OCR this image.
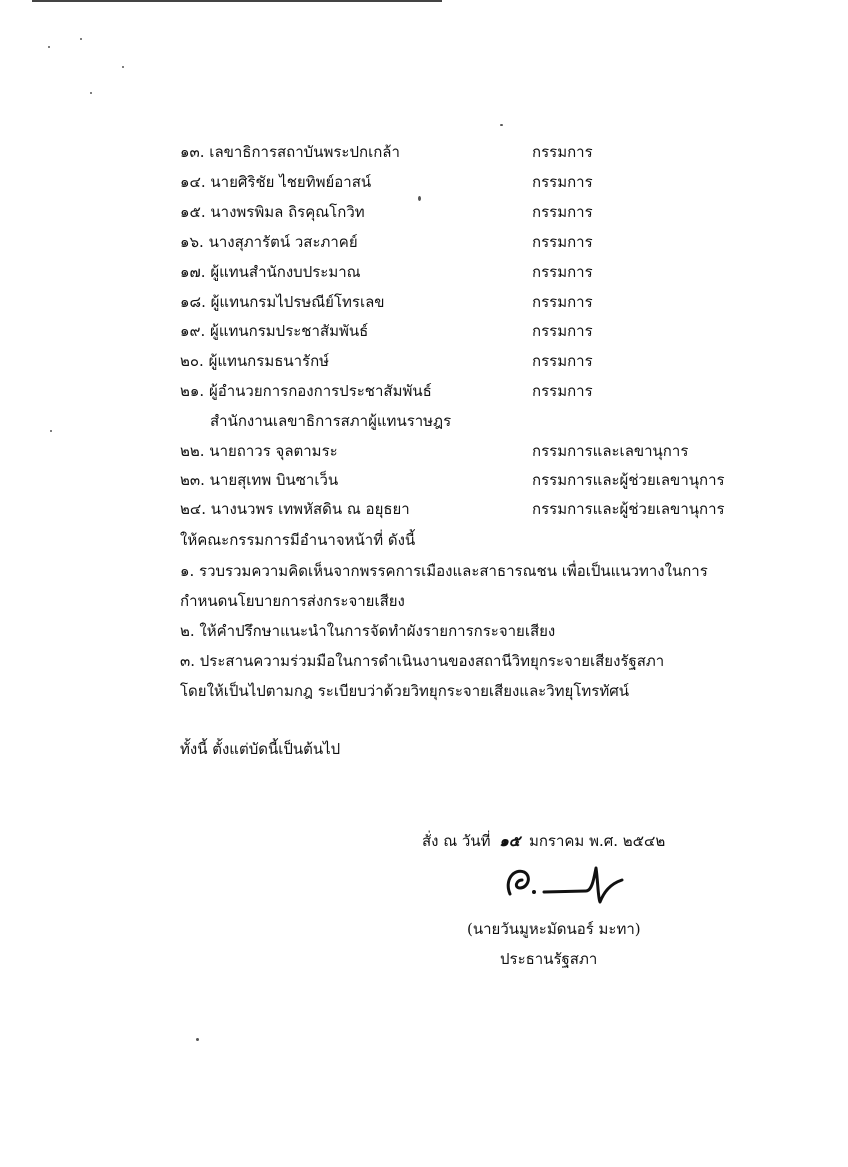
๑๓. เลขาธิการสถาบันพระปกเกล้า	กรรมการ
๑๔. นายศิริชัย ไชยทิพย์อาสน์	กรรมการ
๑๕. นางพรพิมล ถิรคุณโกวิท	กรรมการ
๑๖. นางสุภารัตน์ วสะภาคย์	กรรมการ
๑๗. ผู้แทนสำนักงบประมาณ	กรรมการ
๑๘. ผู้แทนกรมไปรษณีย์โทรเลข	กรรมการ
๑๙. ผู้แทนกรมประชาสัมพันธ์	กรรมการ
๒๐. ผู้แทนกรมธนารักษ์	กรรมการ
๒๑. ผู้อำนวยการกองการประชาสัมพันธ์	กรรมการ
สำนักงานเลขาธิการสภาผู้แทนราษฎร
๒๒. นายถาวร จุลตามระ	กรรมการและเลขานุการ
๒๓. นายสุเทพ บินซาเว็น	กรรมการและผู้ช่วยเลขานุการ
๒๔. นางนวพร เทพหัสดิน ณ อยุธยา	กรรมการและผู้ช่วยเลขานุการ
ให้คณะกรรมการมีอำนาจหน้าที่ ดังนี้
๑. รวบรวมความคิดเห็นจากพรรคการเมืองและสาธารณชน เพื่อเป็นแนวทางในการ
กำหนดนโยบายการส่งกระจายเสียง
๒. ให้คำปรึกษาแนะนำในการจัดทำผังรายการกระจายเสียง
๓. ประสานความร่วมมือในการดำเนินงานของสถานีวิทยุกระจายเสียงรัฐสภา
โดยให้เป็นไปตามกฎ ระเบียบว่าด้วยวิทยุกระจายเสียงและวิทยุโทรทัศน์
ทั้งนี้ ตั้งแต่บัดนี้เป็นต้นไป
สั่ง ณ วันที่ ๑๕ มกราคม พ.ศ. ๒๕๔๒
(นายวันมูหะมัดนอร์ มะทา)
ประธานรัฐสภา
